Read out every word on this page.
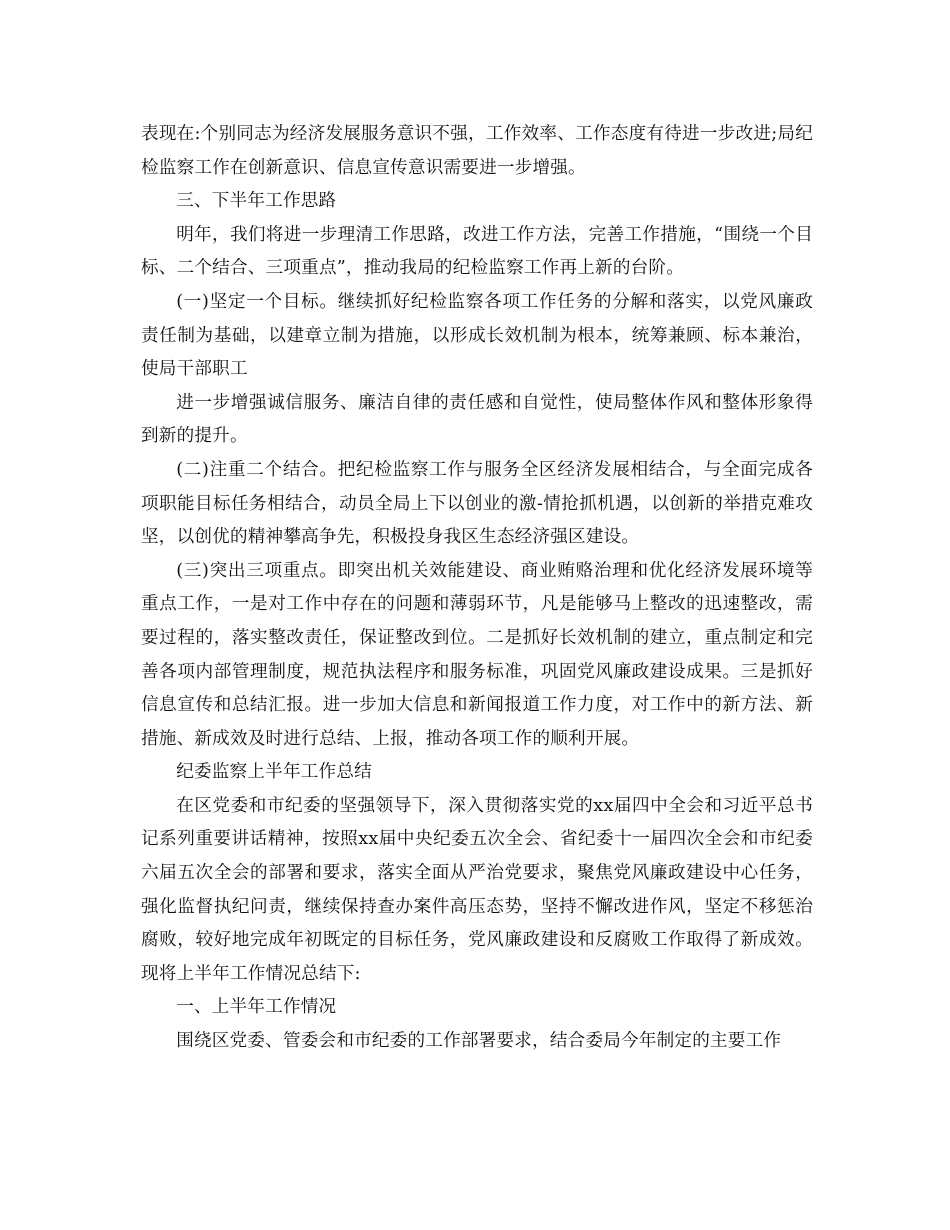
表现在:个别同志为经济发展服务意识不强，工作效率、工作态度有待进一步改进;局纪检监察工作在创新意识、信息宣传意识需要进一步增强。

三、下半年工作思路

明年，我们将进一步理清工作思路，改进工作方法，完善工作措施，“围绕一个目标、二个结合、三项重点”，推动我局的纪检监察工作再上新的台阶。

(一)坚定一个目标。继续抓好纪检监察各项工作任务的分解和落实，以党风廉政责任制为基础，以建章立制为措施，以形成长效机制为根本，统筹兼顾、标本兼治，使局干部职工

进一步增强诚信服务、廉洁自律的责任感和自觉性，使局整体作风和整体形象得到新的提升。

(二)注重二个结合。把纪检监察工作与服务全区经济发展相结合，与全面完成各项职能目标任务相结合，动员全局上下以创业的激-情抢抓机遇，以创新的举措克难攻坚，以创优的精神攀高争先，积极投身我区生态经济强区建设。

(三)突出三项重点。即突出机关效能建设、商业贿赂治理和优化经济发展环境等重点工作，一是对工作中存在的问题和薄弱环节，凡是能够马上整改的迅速整改，需要过程的，落实整改责任，保证整改到位。二是抓好长效机制的建立，重点制定和完善各项内部管理制度，规范执法程序和服务标准，巩固党风廉政建设成果。三是抓好信息宣传和总结汇报。进一步加大信息和新闻报道工作力度，对工作中的新方法、新措施、新成效及时进行总结、上报，推动各项工作的顺利开展。

纪委监察上半年工作总结

在区党委和市纪委的坚强领导下，深入贯彻落实党的xx届四中全会和习近平总书记系列重要讲话精神，按照xx届中央纪委五次全会、省纪委十一届四次全会和市纪委六届五次全会的部署和要求，落实全面从严治党要求，聚焦党风廉政建设中心任务，强化监督执纪问责，继续保持查办案件高压态势，坚持不懈改进作风，坚定不移惩治腐败，较好地完成年初既定的目标任务，党风廉政建设和反腐败工作取得了新成效。现将上半年工作情况总结下:

一、上半年工作情况

围绕区党委、管委会和市纪委的工作部署要求，结合委局今年制定的主要工作
